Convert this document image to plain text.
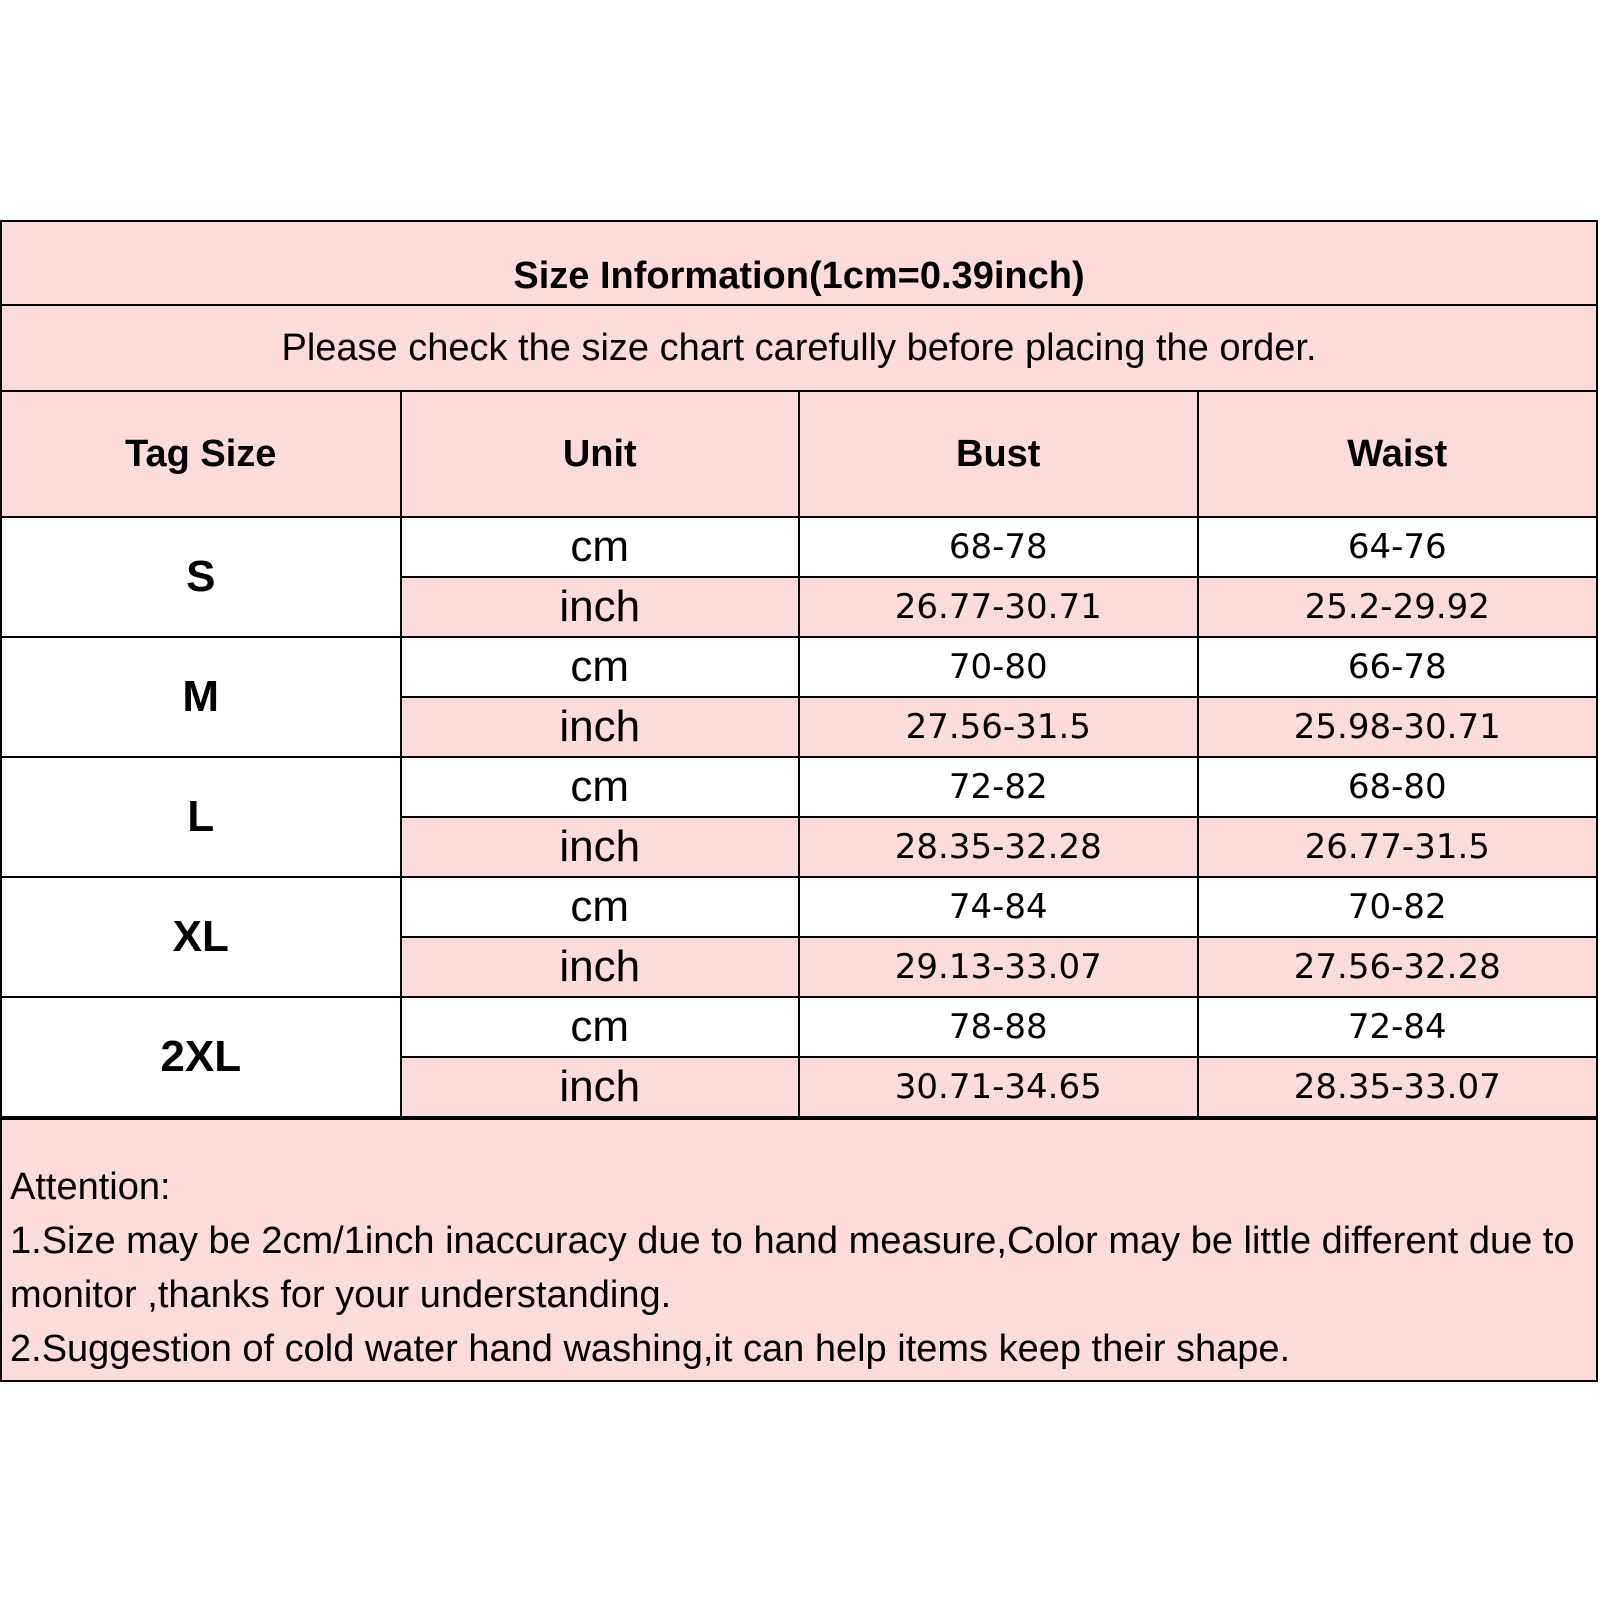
Size Information(1cm=0.39inch)
Please check the size chart carefully before placing the order.
Tag Size	Unit	Bust	Waist
S	cm	68-78	64-76
	inch	26.77-30.71	25.2-29.92
M	cm	70-80	66-78
	inch	27.56-31.5	25.98-30.71
L	cm	72-82	68-80
	inch	28.35-32.28	26.77-31.5
XL	cm	74-84	70-82
	inch	29.13-33.07	27.56-32.28
2XL	cm	78-88	72-84
	inch	30.71-34.65	28.35-33.07

Attention:

1.Size may be 2cm/1inch inaccuracy due to hand measure,Color may be little different due to monitor ,thanks for your understanding.

2.Suggestion of cold water hand washing,it can help items keep their shape.
